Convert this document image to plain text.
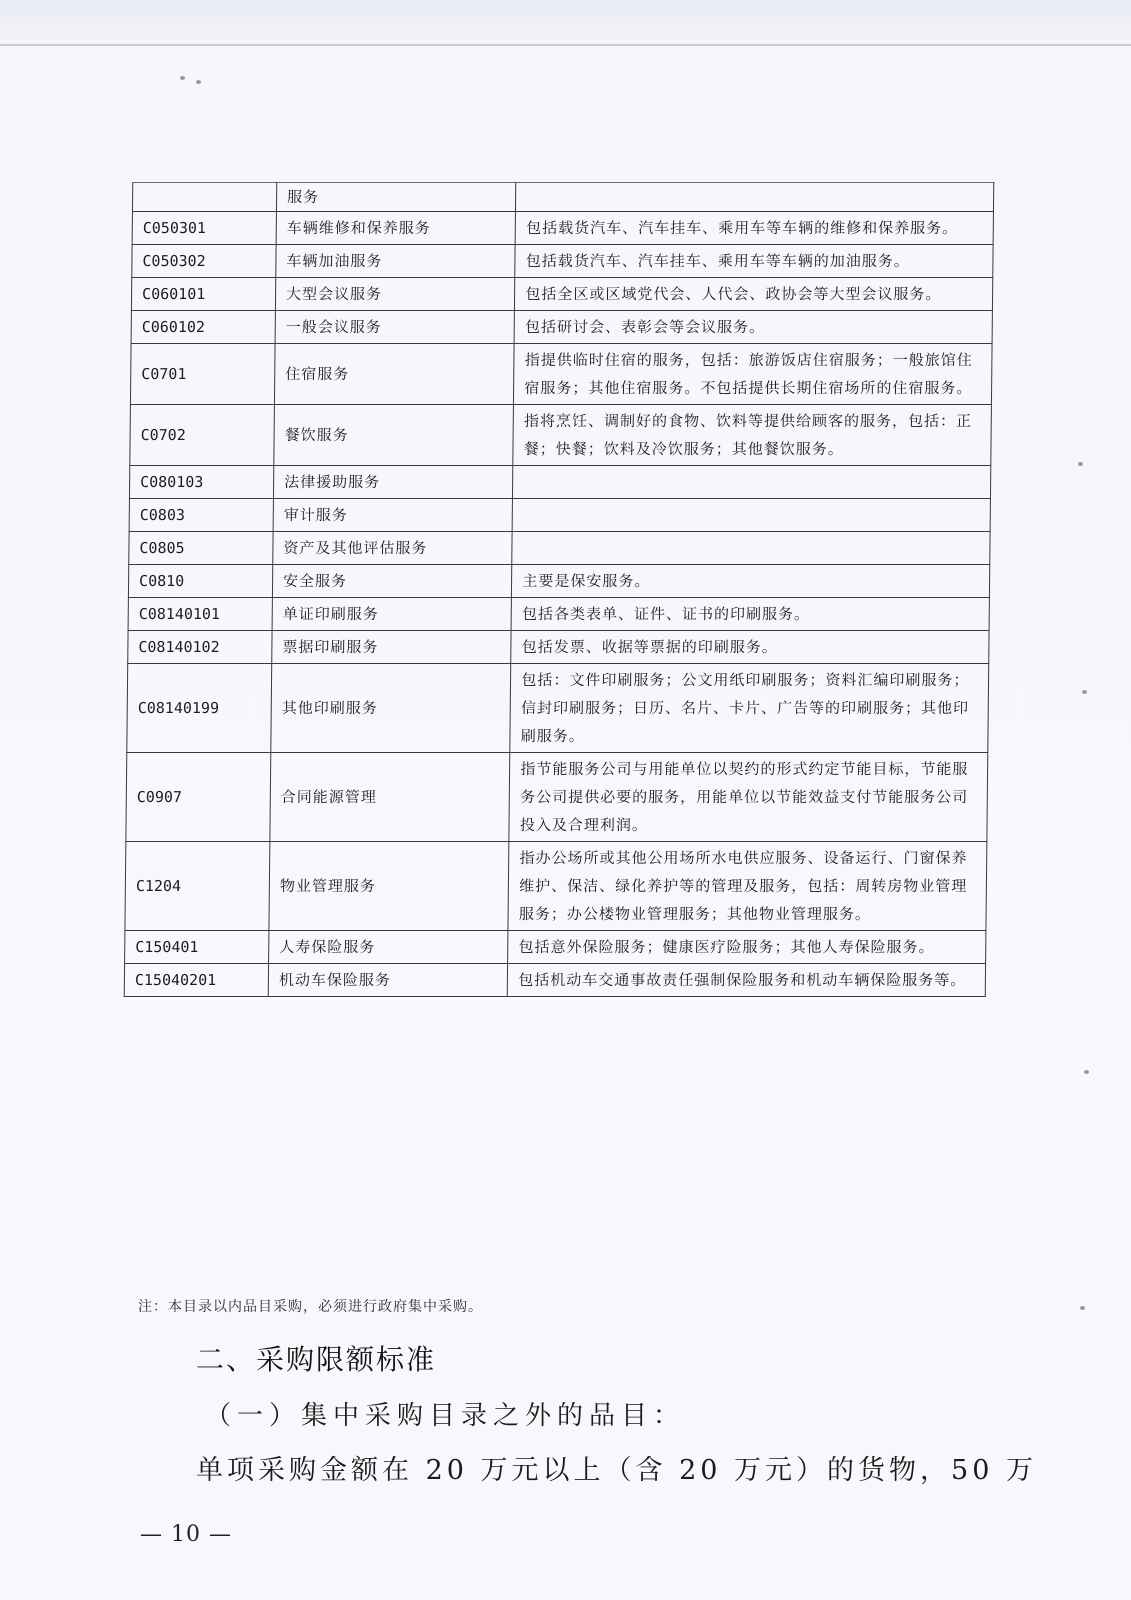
	服务	
C050301	车辆维修和保养服务	包括载货汽车、汽车挂车、乘用车等车辆的维修和保养服务。
C050302	车辆加油服务	包括载货汽车、汽车挂车、乘用车等车辆的加油服务。
C060101	大型会议服务	包括全区或区域党代会、人代会、政协会等大型会议服务。
C060102	一般会议服务	包括研讨会、表彰会等会议服务。
C0701	住宿服务	指提供临时住宿的服务，包括：旅游饭店住宿服务；一般旅馆住宿服务；其他住宿服务。不包括提供长期住宿场所的住宿服务。
C0702	餐饮服务	指将烹饪、调制好的食物、饮料等提供给顾客的服务，包括：正餐；快餐；饮料及冷饮服务；其他餐饮服务。
C080103	法律援助服务	
C0803	审计服务	
C0805	资产及其他评估服务	
C0810	安全服务	主要是保安服务。
C08140101	单证印刷服务	包括各类表单、证件、证书的印刷服务。
C08140102	票据印刷服务	包括发票、收据等票据的印刷服务。
C08140199	其他印刷服务	包括：文件印刷服务；公文用纸印刷服务；资料汇编印刷服务；信封印刷服务；日历、名片、卡片、广告等的印刷服务；其他印刷服务。
C0907	合同能源管理	指节能服务公司与用能单位以契约的形式约定节能目标，节能服务公司提供必要的服务，用能单位以节能效益支付节能服务公司投入及合理利润。
C1204	物业管理服务	指办公场所或其他公用场所水电供应服务、设备运行、门窗保养维护、保洁、绿化养护等的管理及服务，包括：周转房物业管理服务；办公楼物业管理服务；其他物业管理服务。
C150401	人寿保险服务	包括意外保险服务；健康医疗险服务；其他人寿保险服务。
C15040201	机动车保险服务	包括机动车交通事故责任强制保险服务和机动车辆保险服务等。
注：本目录以内品目采购，必须进行政府集中采购。
二、采购限额标准
（一）集中采购目录之外的品目：
单项采购金额在 20 万元以上（含 20 万元）的货物，50 万
— 10 —
